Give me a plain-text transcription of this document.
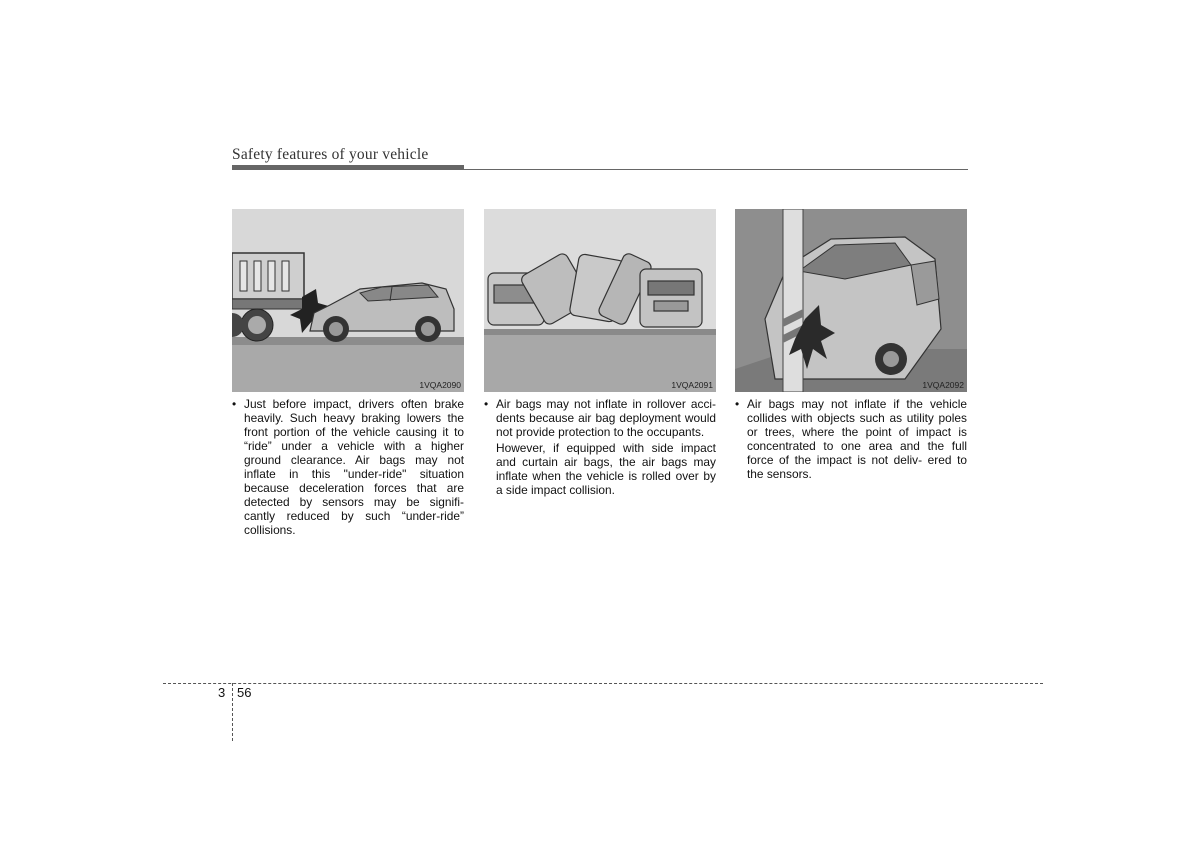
Safety features of your vehicle
1VQA2090
• Just before impact, drivers often brake heavily. Such heavy braking lowers the front portion of the vehicle causing it to “ride” under a vehicle with a higher ground clearance. Air bags may not inflate in this "under-ride" situation because deceleration forces that are detected by sensors may be signifi- cantly reduced by such “under-ride” collisions.
1VQA2091
• Air bags may not inflate in rollover acci- dents because air bag deployment would not provide protection to the occupants.
However, if equipped with side impact and curtain air bags, the air bags may inflate when the vehicle is rolled over by a side impact collision.
1VQA2092
• Air bags may not inflate if the vehicle collides with objects such as utility poles or trees, where the point of impact is concentrated to one area and the full force of the impact is not deliv- ered to the sensors.
3 56
